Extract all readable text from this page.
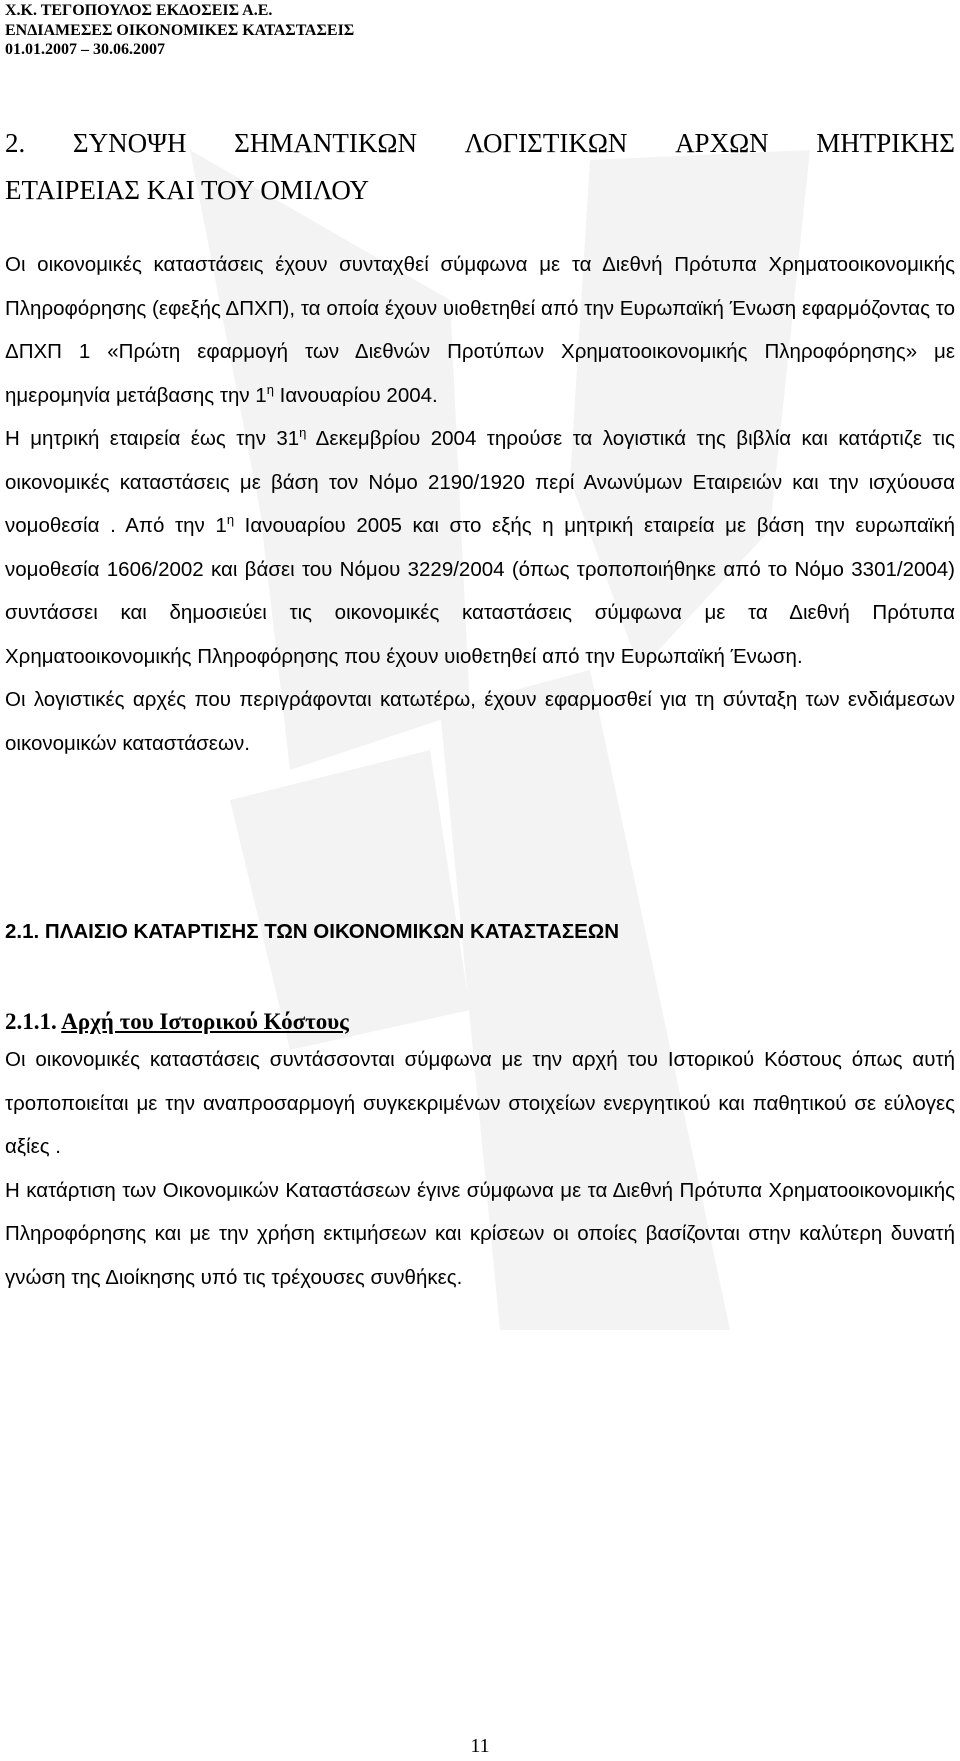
Χ.Κ. ΤΕΓΟΠΟΥΛΟΣ ΕΚΔΟΣΕΙΣ Α.Ε.
ΕΝΔΙΑΜΕΣΕΣ ΟΙΚΟΝΟΜΙΚΕΣ ΚΑΤΑΣΤΑΣΕΙΣ
01.01.2007 – 30.06.2007
2. ΣΥΝΟΨΗ ΣΗΜΑΝΤΙΚΩΝ ΛΟΓΙΣΤΙΚΩΝ ΑΡΧΩΝ ΜΗΤΡΙΚΗΣ
ΕΤΑΙΡΕΙΑΣ ΚΑΙ ΤΟΥ ΟΜΙΛΟΥ

Οι οικονομικές καταστάσεις έχουν συνταχθεί σύμφωνα με τα Διεθνή Πρότυπα Χρηματοοικονομικής Πληροφόρησης (εφεξής ΔΠΧΠ), τα οποία έχουν υιοθετηθεί από την Ευρωπαϊκή Ένωση εφαρμόζοντας το ΔΠΧΠ 1 «Πρώτη εφαρμογή των Διεθνών Προτύπων Χρηματοοικονομικής Πληροφόρησης» με ημερομηνία μετάβασης την $1^\eta$ Ιανουαρίου 2004.

Η μητρική εταιρεία έως την $31^\eta$ Δεκεμβρίου 2004 τηρούσε τα λογιστικά της βιβλία και κατάρτιζε τις οικονομικές καταστάσεις με βάση τον Νόμο 2190/1920 περί Ανωνύμων Εταιρειών και την ισχύουσα νομοθεσία . Από την $1^\eta$ Ιανουαρίου 2005 και στο εξής η μητρική εταιρεία με βάση την ευρωπαϊκή νομοθεσία 1606/2002 και βάσει του Νόμου 3229/2004 (όπως τροποποιήθηκε από το Νόμο 3301/2004) συντάσσει και δημοσιεύει τις οικονομικές καταστάσεις σύμφωνα με τα Διεθνή Πρότυπα Χρηματοοικονομικής Πληροφόρησης που έχουν υιοθετηθεί από την Ευρωπαϊκή Ένωση.

Οι λογιστικές αρχές που περιγράφονται κατωτέρω, έχουν εφαρμοσθεί για τη σύνταξη των ενδιάμεσων οικονομικών καταστάσεων.

2.1. ΠΛΑΙΣΙΟ ΚΑΤΑΡΤΙΣΗΣ ΤΩΝ ΟΙΚΟΝΟΜΙΚΩΝ ΚΑΤΑΣΤΑΣΕΩΝ
2.1.1. Αρχή του Ιστορικού Κόστους

Οι οικονομικές καταστάσεις συντάσσονται σύμφωνα με την αρχή του Ιστορικού Κόστους όπως αυτή τροποποιείται με την αναπροσαρμογή συγκεκριμένων στοιχείων ενεργητικού και παθητικού σε εύλογες αξίες .

Η κατάρτιση των Οικονομικών Καταστάσεων έγινε σύμφωνα με τα Διεθνή Πρότυπα Χρηματοοικονομικής Πληροφόρησης και με την χρήση εκτιμήσεων και κρίσεων οι οποίες βασίζονται στην καλύτερη δυνατή γνώση της Διοίκησης υπό τις τρέχουσες συνθήκες.

11
